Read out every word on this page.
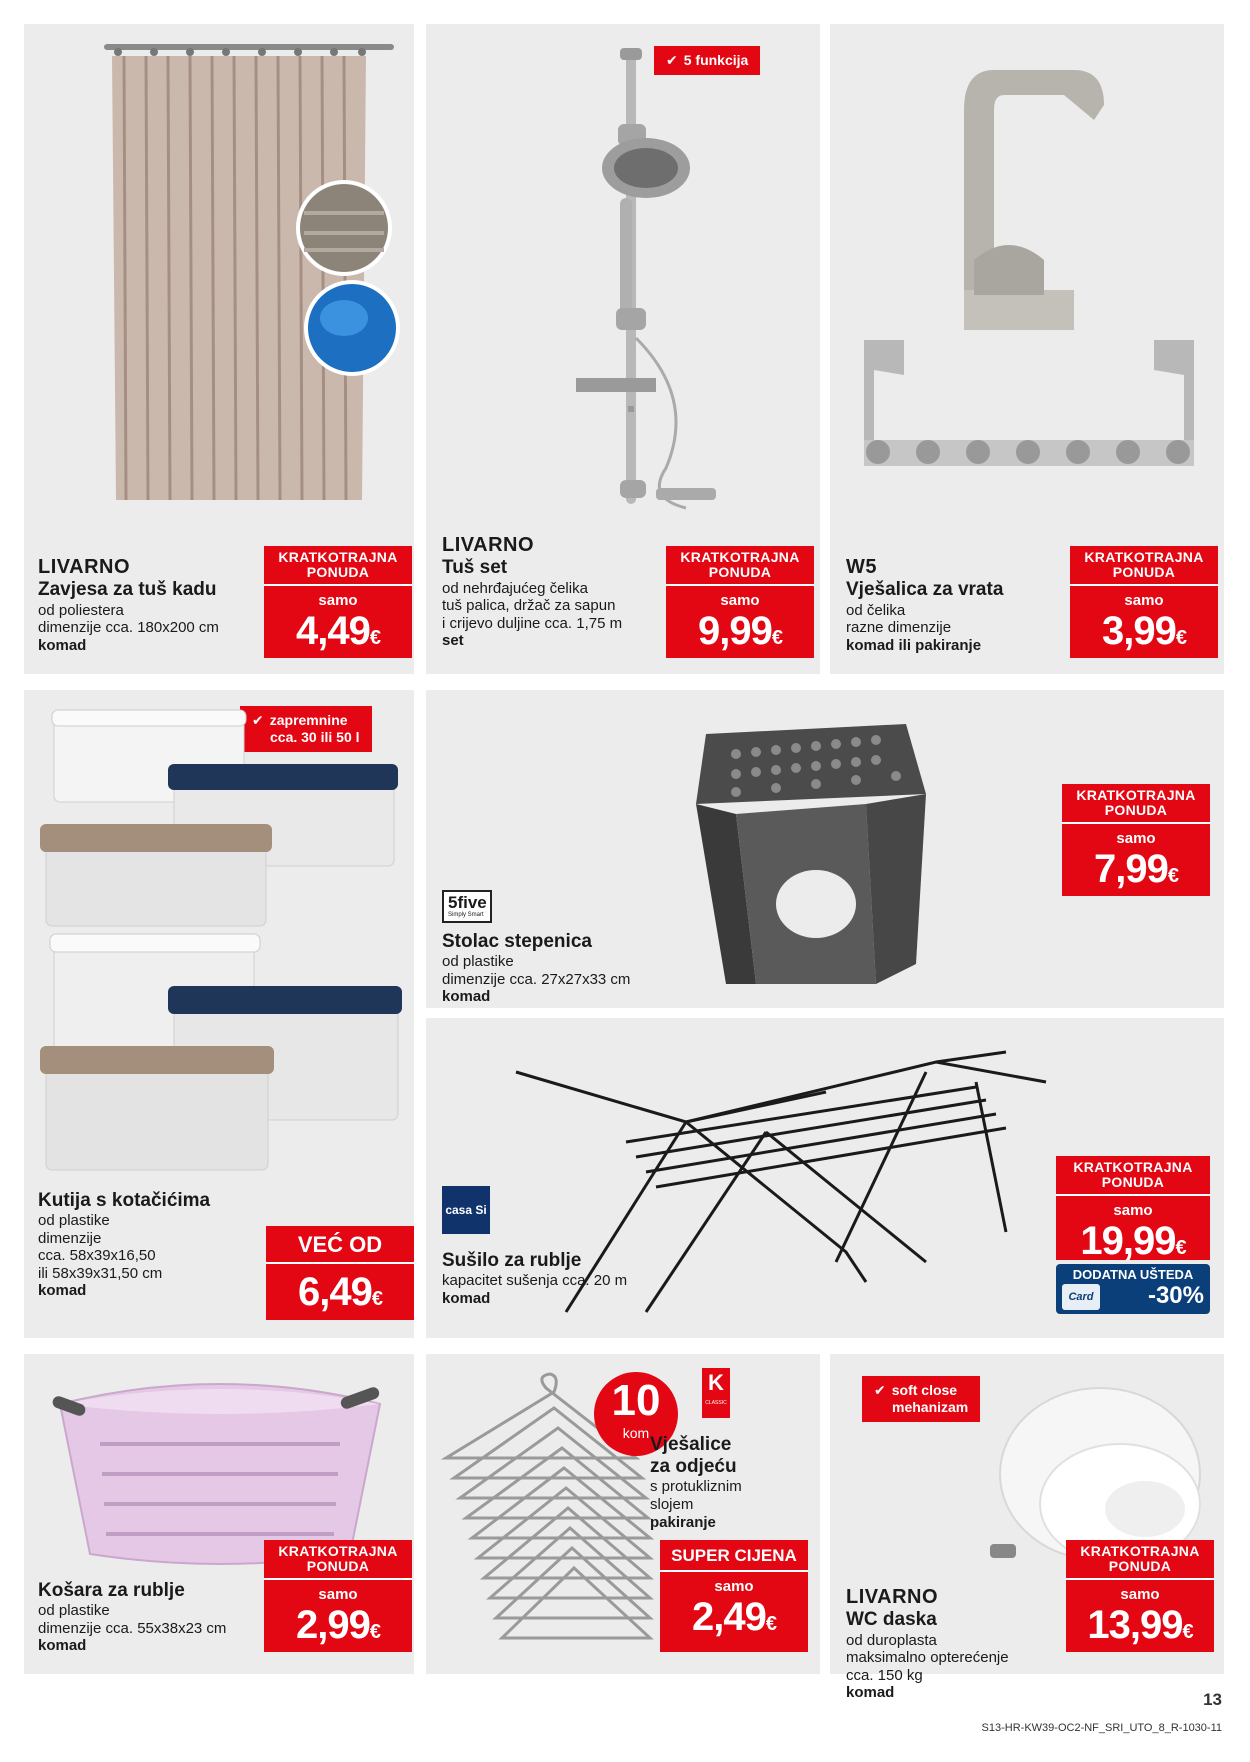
LIVARNO
Zavjesa za tuš kadu
od poliestera
dimenzije cca. 180x200 cm
komad
KRATKOTRAJNA
PONUDA
samo
4,49€
✔ 5 funkcija
LIVARNO
Tuš set
od nehrđajućeg čelika
tuš palica, držač za sapun
i crijevo duljine cca. 1,75 m
set
KRATKOTRAJNA
PONUDA
samo
9,99€
W5
Vješalica za vrata
od čelika
razne dimenzije
komad ili pakiranje
KRATKOTRAJNA
PONUDA
samo
3,99€
✔ zapremnine
cca. 30 ili 50 l
Kutija s kotačićima
od plastike
dimenzije
cca. 58x39x16,50
ili 58x39x31,50 cm
komad
VEĆ OD
6,49€
5five
Simply Smart
Stolac stepenica
od plastike
dimenzije cca. 27x27x33 cm
komad
KRATKOTRAJNA
PONUDA
samo
7,99€
casa Si
Sušilo za rublje
kapacitet sušenja cca. 20 m
komad
KRATKOTRAJNA
PONUDA
samo
19,99€
DODATNA UŠTEDA
Card -30%
Košara za rublje
od plastike
dimenzije cca. 55x38x23 cm
komad
KRATKOTRAJNA
PONUDA
samo
2,99€
10
kom
K
CLASSIC
Vješalice
za odjeću
s protukliznim
slojem
pakiranje
SUPER CIJENA
samo
2,49€
✔ soft close
mehanizam
LIVARNO
WC daska
od duroplasta
maksimalno opterećenje
cca. 150 kg
komad
KRATKOTRAJNA
PONUDA
samo
13,99€
13
S13-HR-KW39-OC2-NF_SRI_UTO_8_R-1030-11
